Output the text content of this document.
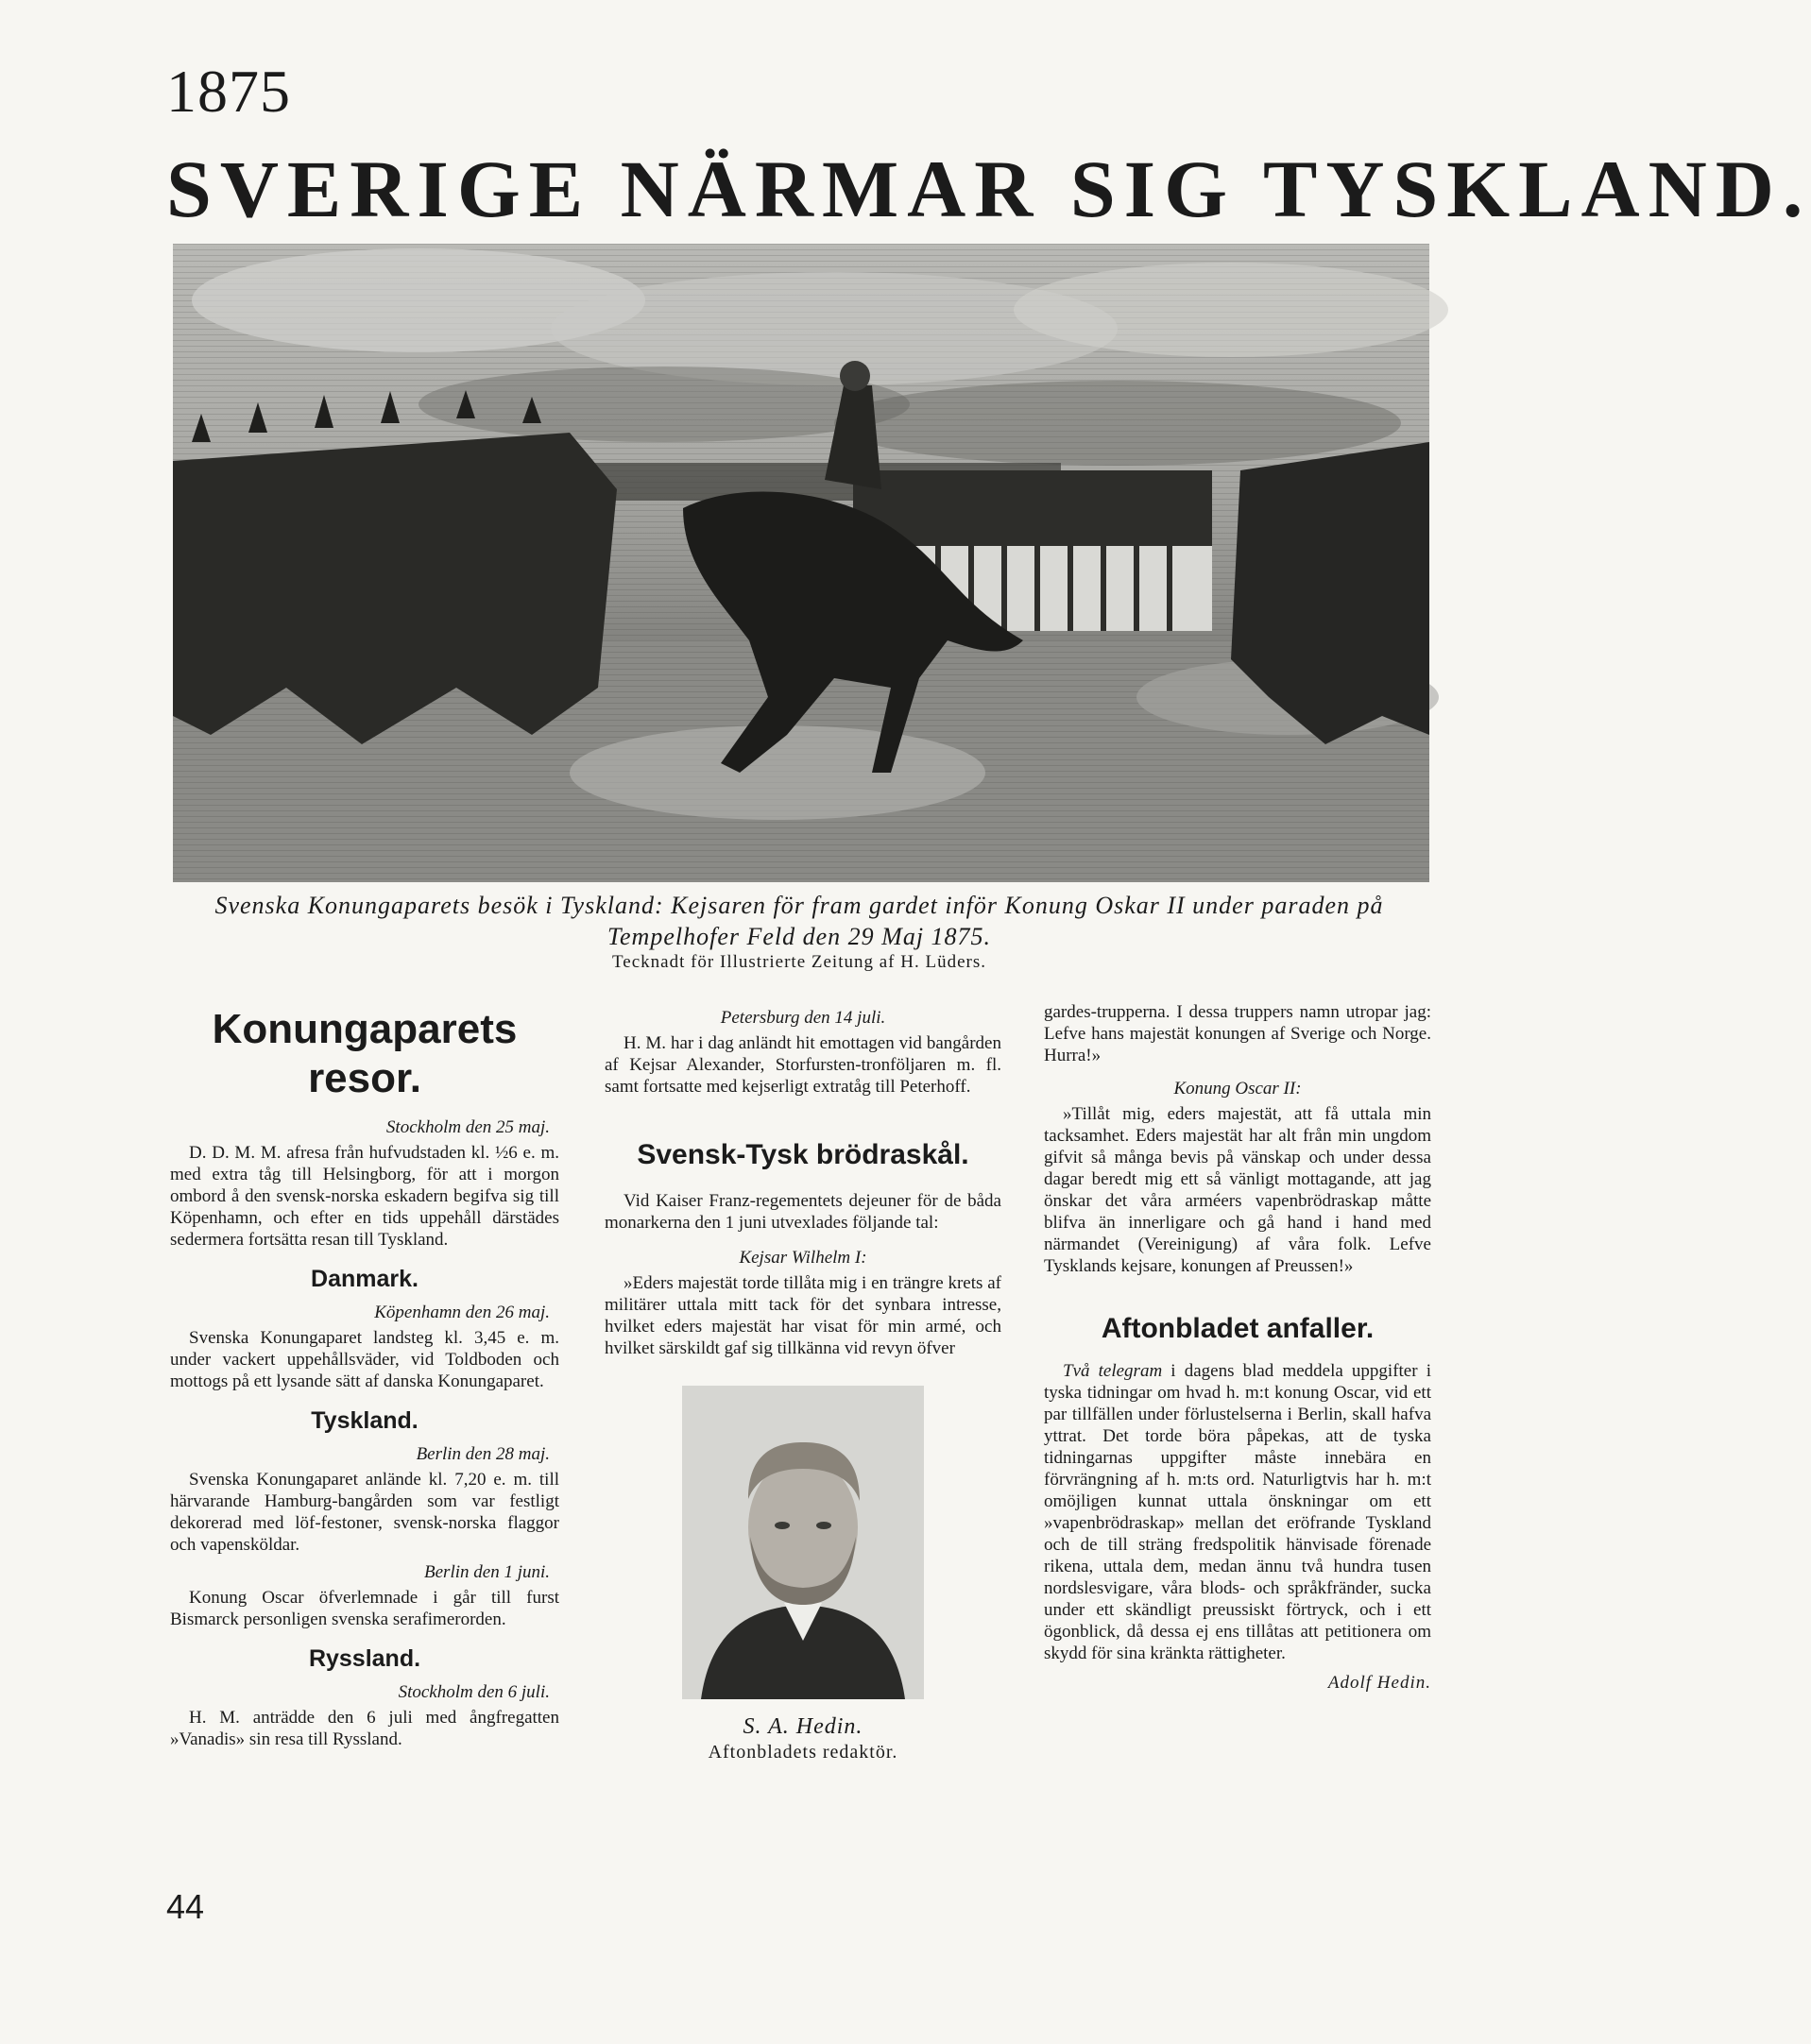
1875
SVERIGE NÄRMAR SIG TYSKLAND.
Svenska Konungaparets besök i Tyskland: Kejsaren för fram gardet inför Konung Oskar II under paraden på Tempelhofer Feld den 29 Maj 1875.
Tecknadt för Illustrierte Zeitung af H. Lüders.
Konungaparets resor.
Stockholm den 25 maj.

D. D. M. M. afresa från hufvudstaden kl. ½6 e. m. med extra tåg till Helsingborg, för att i morgon ombord å den svensk-norska eskadern begifva sig till Köpenhamn, och efter en tids uppehåll därstädes sedermera fortsätta resan till Tyskland.

Danmark.
Köpenhamn den 26 maj.

Svenska Konungaparet landsteg kl. 3,45 e. m. under vackert uppehållsväder, vid Toldboden och mottogs på ett lysande sätt af danska Konungaparet.

Tyskland.
Berlin den 28 maj.

Svenska Konungaparet anlände kl. 7,20 e. m. till härvarande Hamburg-bangården som var festligt dekorerad med löf-festoner, svensk-norska flaggor och vapensköldar.

Berlin den 1 juni.

Konung Oscar öfverlemnade i går till furst Bismarck personligen svenska serafimerorden.

Ryssland.
Stockholm den 6 juli.

H. M. anträdde den 6 juli med ångfregatten »Vanadis» sin resa till Ryssland.

Petersburg den 14 juli.

H. M. har i dag anländt hit emottagen vid bangården af Kejsar Alexander, Storfursten-tronföljaren m. fl. samt fortsatte med kejserligt extratåg till Peterhoff.

Svensk-Tysk brödraskål.

Vid Kaiser Franz-regementets dejeuner för de båda monarkerna den 1 juni utvexlades följande tal:

Kejsar Wilhelm I:

»Eders majestät torde tillåta mig i en trängre krets af militärer uttala mitt tack för det synbara intresse, hvilket eders majestät har visat för min armé, och hvilket särskildt gaf sig tillkänna vid revyn öfver

S. A. Hedin.
Aftonbladets redaktör.

gardes-trupperna. I dessa truppers namn utropar jag: Lefve hans majestät konungen af Sverige och Norge. Hurra!»

Konung Oscar II:

»Tillåt mig, eders majestät, att få uttala min tacksamhet. Eders majestät har alt från min ungdom gifvit så många bevis på vänskap och under dessa dagar beredt mig ett så vänligt mottagande, att jag önskar det våra arméers vapenbrödraskap måtte blifva än innerligare och gå hand i hand med närmandet (Vereinigung) af våra folk. Lefve Tysklands kejsare, konungen af Preussen!»

Aftonbladet anfaller.

Två telegram i dagens blad meddela uppgifter i tyska tidningar om hvad h. m:t konung Oscar, vid ett par tillfällen under förlustelserna i Berlin, skall hafva yttrat. Det torde böra påpekas, att de tyska tidningarnas uppgifter måste innebära en förvrängning af h. m:ts ord. Naturligtvis har h. m:t omöjligen kunnat uttala önskningar om ett »vapenbrödraskap» mellan det eröfrande Tyskland och de till sträng fredspolitik hänvisade förenade rikena, uttala dem, medan ännu två hundra tusen nordslesvigare, våra blods- och språkfränder, sucka under ett skändligt preussiskt förtryck, och i ett ögonblick, då dessa ej ens tillåtas att petitionera om skydd för sina kränkta rättigheter.

Adolf Hedin.
44
